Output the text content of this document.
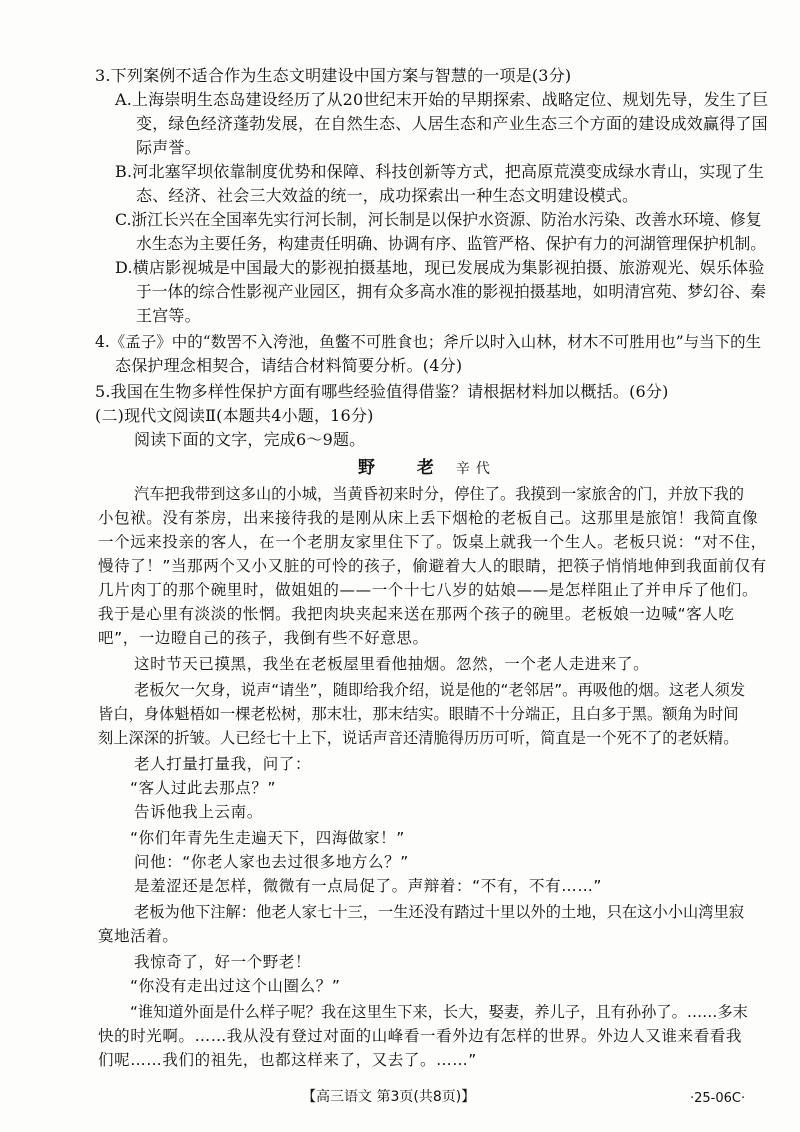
3.下列案例不适合作为生态文明建设中国方案与智慧的一项是(3分)
A.上海崇明生态岛建设经历了从20世纪末开始的早期探索、战略定位、规划先导，发生了巨
变，绿色经济蓬勃发展，在自然生态、人居生态和产业生态三个方面的建设成效赢得了国
际声誉。
B.河北塞罕坝依靠制度优势和保障、科技创新等方式，把高原荒漠变成绿水青山，实现了生
态、经济、社会三大效益的统一，成功探索出一种生态文明建设模式。
C.浙江长兴在全国率先实行河长制，河长制是以保护水资源、防治水污染、改善水环境、修复
水生态为主要任务，构建责任明确、协调有序、监管严格、保护有力的河湖管理保护机制。
D.横店影视城是中国最大的影视拍摄基地，现已发展成为集影视拍摄、旅游观光、娱乐体验
于一体的综合性影视产业园区，拥有众多高水准的影视拍摄基地，如明清宫苑、梦幻谷、秦
王宫等。
4.《孟子》中的“数罟不入洿池，鱼鳖不可胜食也；斧斤以时入山林，材木不可胜用也”与当下的生
态保护理念相契合，请结合材料简要分析。(4分)
5.我国在生物多样性保护方面有哪些经验值得借鉴？请根据材料加以概括。(6分)
(二)现代文阅读Ⅱ(本题共4小题，16分)
阅读下面的文字，完成6～9题。
野 老 辛代
汽车把我带到这多山的小城，当黄昏初来时分，停住了。我摸到一家旅舍的门，并放下我的
小包袱。没有茶房，出来接待我的是刚从床上丢下烟枪的老板自己。这那里是旅馆！我简直像
一个远来投亲的客人，在一个老朋友家里住下了。饭桌上就我一个生人。老板只说：“对不住，
慢待了！”当那两个又小又脏的可怜的孩子，偷避着大人的眼睛，把筷子悄悄地伸到我面前仅有
几片肉丁的那个碗里时，做姐姐的——一个十七八岁的姑娘——是怎样阻止了并申斥了他们。
我于是心里有淡淡的怅惘。我把肉块夹起来送在那两个孩子的碗里。老板娘一边喊“客人吃
吧”，一边瞪自己的孩子，我倒有些不好意思。
这时节天已摸黑，我坐在老板屋里看他抽烟。忽然，一个老人走进来了。
老板欠一欠身，说声“请坐”，随即给我介绍，说是他的“老邻居”。再吸他的烟。这老人须发
皆白，身体魁梧如一棵老松树，那末壮，那末结实。眼睛不十分端正，且白多于黑。额角为时间
刻上深深的折皱。人已经七十上下，说话声音还清脆得历历可听，简直是一个死不了的老妖精。
老人打量打量我，问了：
“客人过此去那点？”
告诉他我上云南。
“你们年青先生走遍天下，四海做家！”
问他：“你老人家也去过很多地方么？”
是羞涩还是怎样，微微有一点局促了。声辩着：“不有，不有……”
老板为他下注解：他老人家七十三，一生还没有踏过十里以外的土地，只在这小小山湾里寂
寞地活着。
我惊奇了，好一个野老！
“你没有走出过这个山圈么？”
“谁知道外面是什么样子呢？我在这里生下来，长大，娶妻，养儿子，且有孙孙了。……多末
快的时光啊。……我从没有登过对面的山峰看一看外边有怎样的世界。外边人又谁来看看我
们呢……我们的祖先，也都这样来了，又去了。……”
【高三语文 第3页(共8页)】	·25-06C·
